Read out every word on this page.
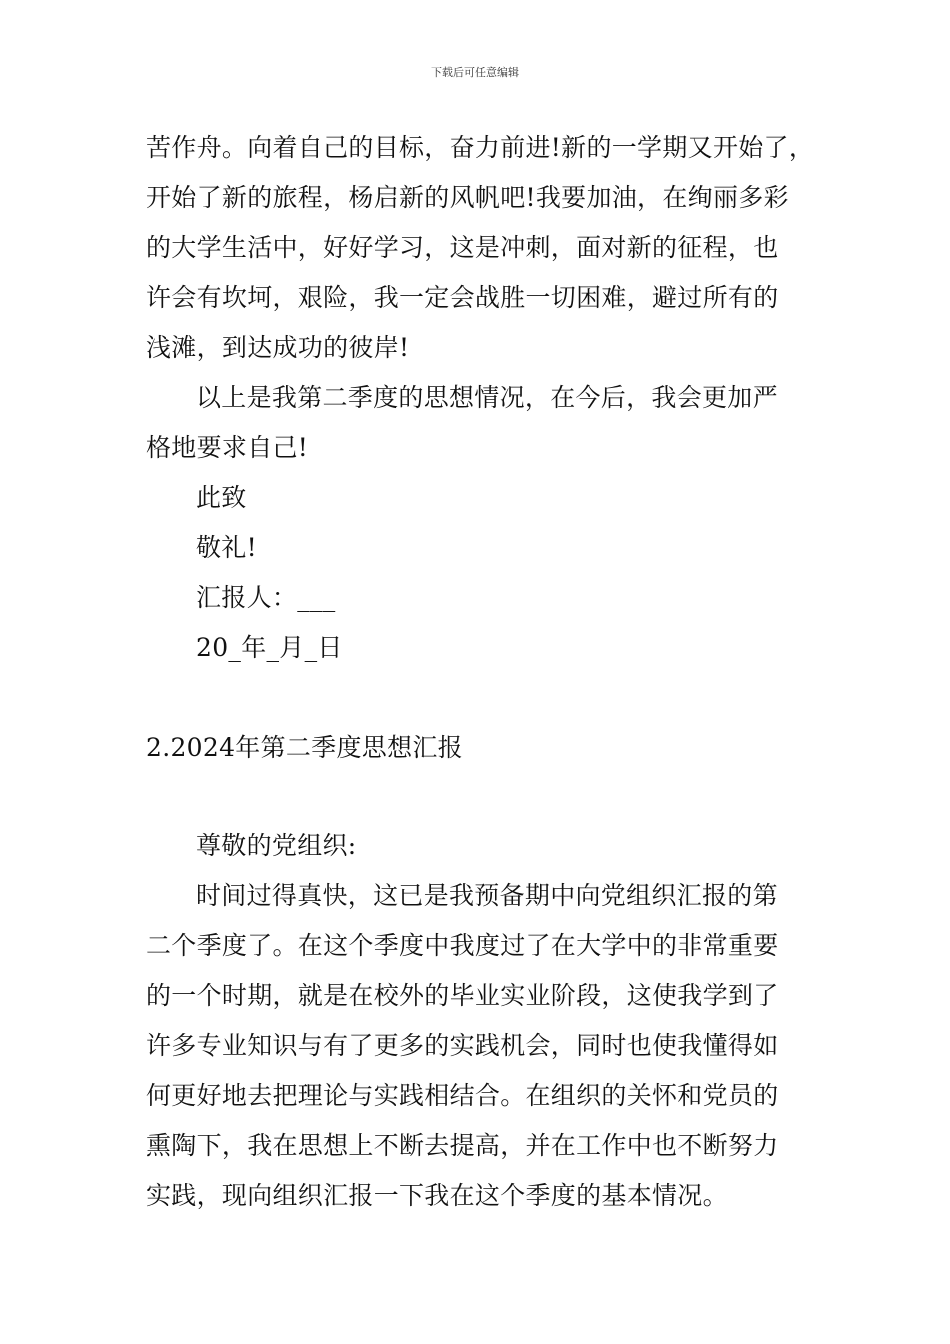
下载后可任意编辑
苦作舟。向着自己的目标，奋力前进!新的一学期又开始了，
开始了新的旅程，杨启新的风帆吧!我要加油，在绚丽多彩
的大学生活中，好好学习，这是冲刺，面对新的征程，也
许会有坎坷，艰险，我一定会战胜一切困难，避过所有的
浅滩，到达成功的彼岸!
以上是我第二季度的思想情况，在今后，我会更加严
格地要求自己!
此致
敬礼!
汇报人：___
20_年_月_日
2.2024年第二季度思想汇报
尊敬的党组织:
时间过得真快，这已是我预备期中向党组织汇报的第
二个季度了。在这个季度中我度过了在大学中的非常重要
的一个时期，就是在校外的毕业实业阶段，这使我学到了
许多专业知识与有了更多的实践机会，同时也使我懂得如
何更好地去把理论与实践相结合。在组织的关怀和党员的
熏陶下，我在思想上不断去提高，并在工作中也不断努力
实践，现向组织汇报一下我在这个季度的基本情况。
